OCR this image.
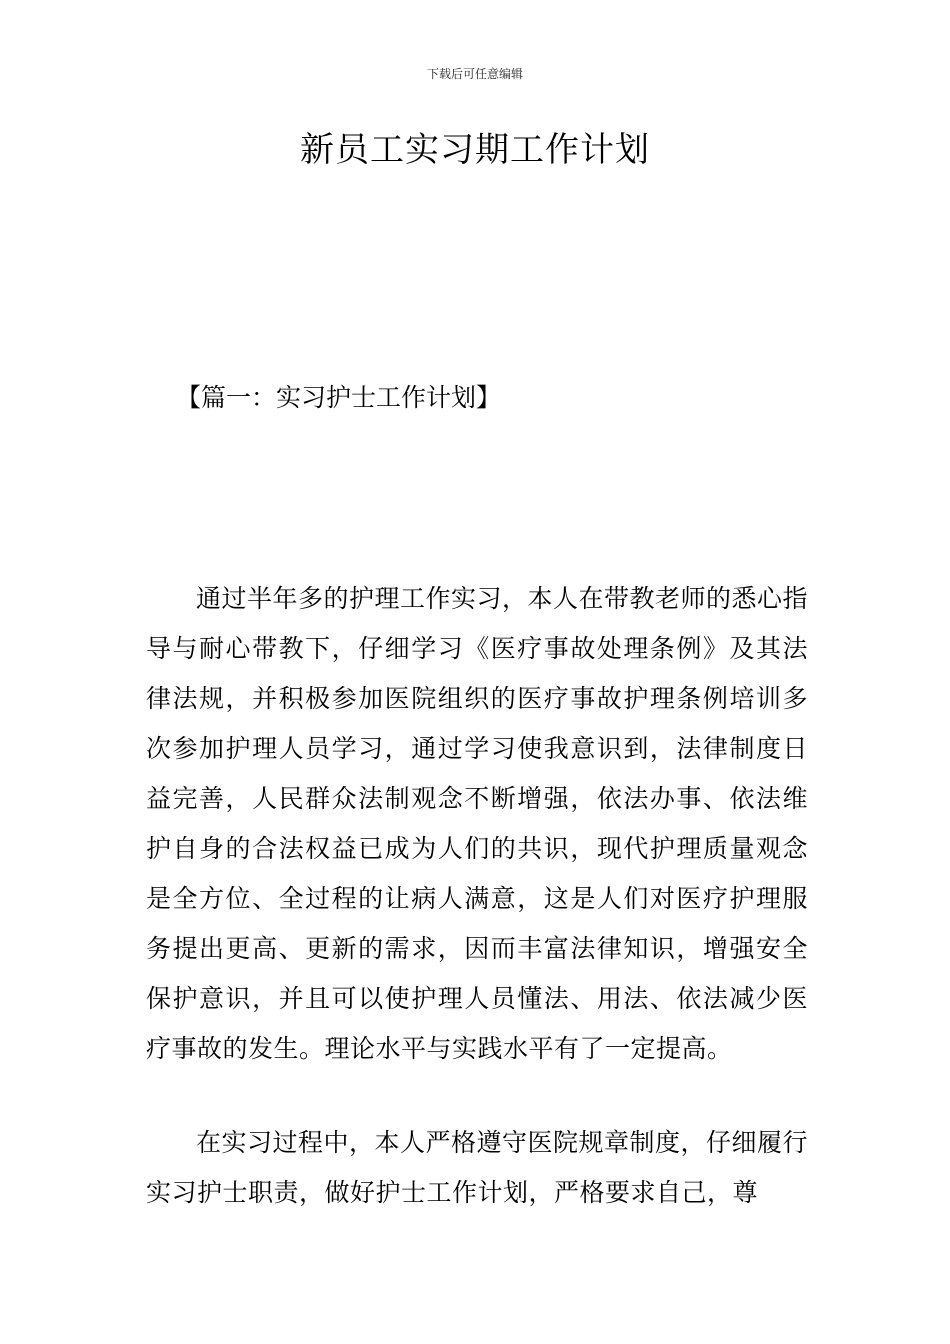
下载后可任意编辑
新员工实习期工作计划
【篇一：实习护士工作计划】

通过半年多的护理工作实习，本人在带教老师的悉心指导与耐心带教下，仔细学习《医疗事故处理条例》及其法律法规，并积极参加医院组织的医疗事故护理条例培训多次参加护理人员学习，通过学习使我意识到，法律制度日益完善，人民群众法制观念不断增强，依法办事、依法维护自身的合法权益已成为人们的共识，现代护理质量观念是全方位、全过程的让病人满意，这是人们对医疗护理服务提出更高、更新的需求，因而丰富法律知识，增强安全保护意识，并且可以使护理人员懂法、用法、依法减少医疗事故的发生。理论水平与实践水平有了一定提高。

在实习过程中，本人严格遵守医院规章制度，仔细履行实习护士职责，做好护士工作计划，严格要求自己，尊
